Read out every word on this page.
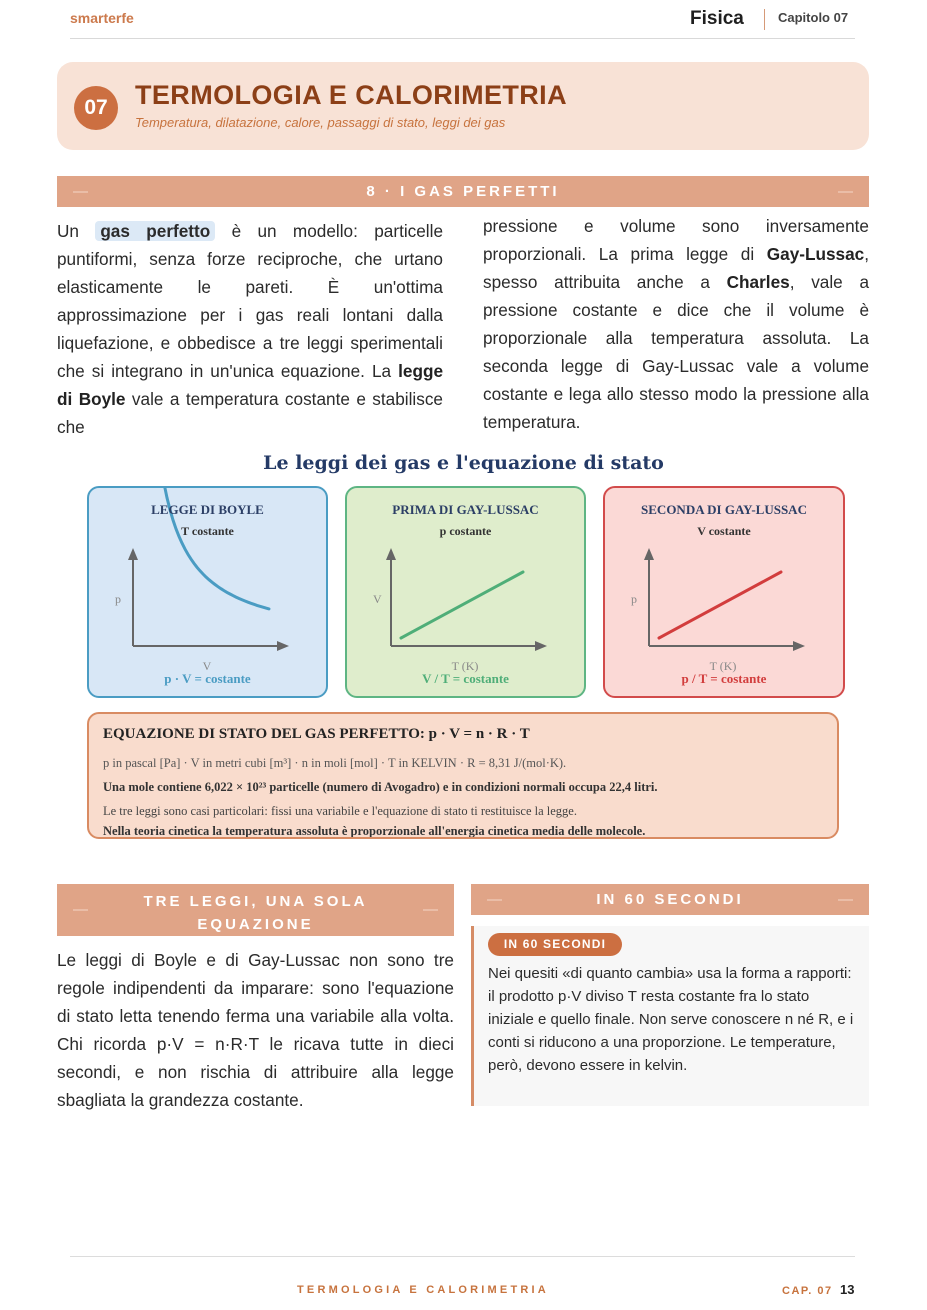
smarterfe	Fisica	Capitolo 07
07	TERMOLOGIA E CALORIMETRIA
Temperatura, dilatazione, calore, passaggi di stato, leggi dei gas
—	8 · I GAS PERFETTI	—
Un gas perfetto è un modello: particelle puntiformi, senza forze reciproche, che urtano elasticamente le pareti. È un'ottima approssimazione per i gas reali lontani dalla liquefazione, e obbedisce a tre leggi sperimentali che si integrano in un'unica equazione. La legge di Boyle vale a temperatura costante e stabilisce che
pressione e volume sono inversamente proporzionali. La prima legge di Gay-Lussac, spesso attribuita anche a Charles, vale a pressione costante e dice che il volume è proporzionale alla temperatura assoluta. La seconda legge di Gay-Lussac vale a volume costante e lega allo stesso modo la pressione alla temperatura.
Le leggi dei gas e l'equazione di stato
LEGGE DI BOYLE
T costante
p
V
p · V = costante
PRIMA DI GAY-LUSSAC
p costante
V
T (K)
V / T = costante
SECONDA DI GAY-LUSSAC
V costante
p
T (K)
p / T = costante
EQUAZIONE DI STATO DEL GAS PERFETTO: p · V = n · R · T
p in pascal [Pa] · V in metri cubi [m³] · n in moli [mol] · T in KELVIN · R = 8,31 J/(mol·K).
Una mole contiene 6,022 × 10²³ particelle (numero di Avogadro) e in condizioni normali occupa 22,4 litri.
Le tre leggi sono casi particolari: fissi una variabile e l'equazione di stato ti restituisce la legge.
Nella teoria cinetica la temperatura assoluta è proporzionale all'energia cinetica media delle molecole.
—	TRE LEGGI, UNA SOLA
EQUAZIONE
—
Le leggi di Boyle e di Gay-Lussac non sono tre regole indipendenti da imparare: sono l'equazione di stato letta tenendo ferma una variabile alla volta. Chi ricorda p·V = n·R·T le ricava tutte in dieci secondi, e non rischia di attribuire alla legge sbagliata la grandezza costante.
—	IN 60 SECONDI	—
IN 60 SECONDI
Nei quesiti «di quanto cambia» usa la forma a rapporti: il prodotto p·V diviso T resta costante fra lo stato iniziale e quello finale. Non serve conoscere n né R, e i conti si riducono a una proporzione. Le temperature, però, devono essere in kelvin.
TERMOLOGIA E CALORIMETRIA	CAP. 07 13
